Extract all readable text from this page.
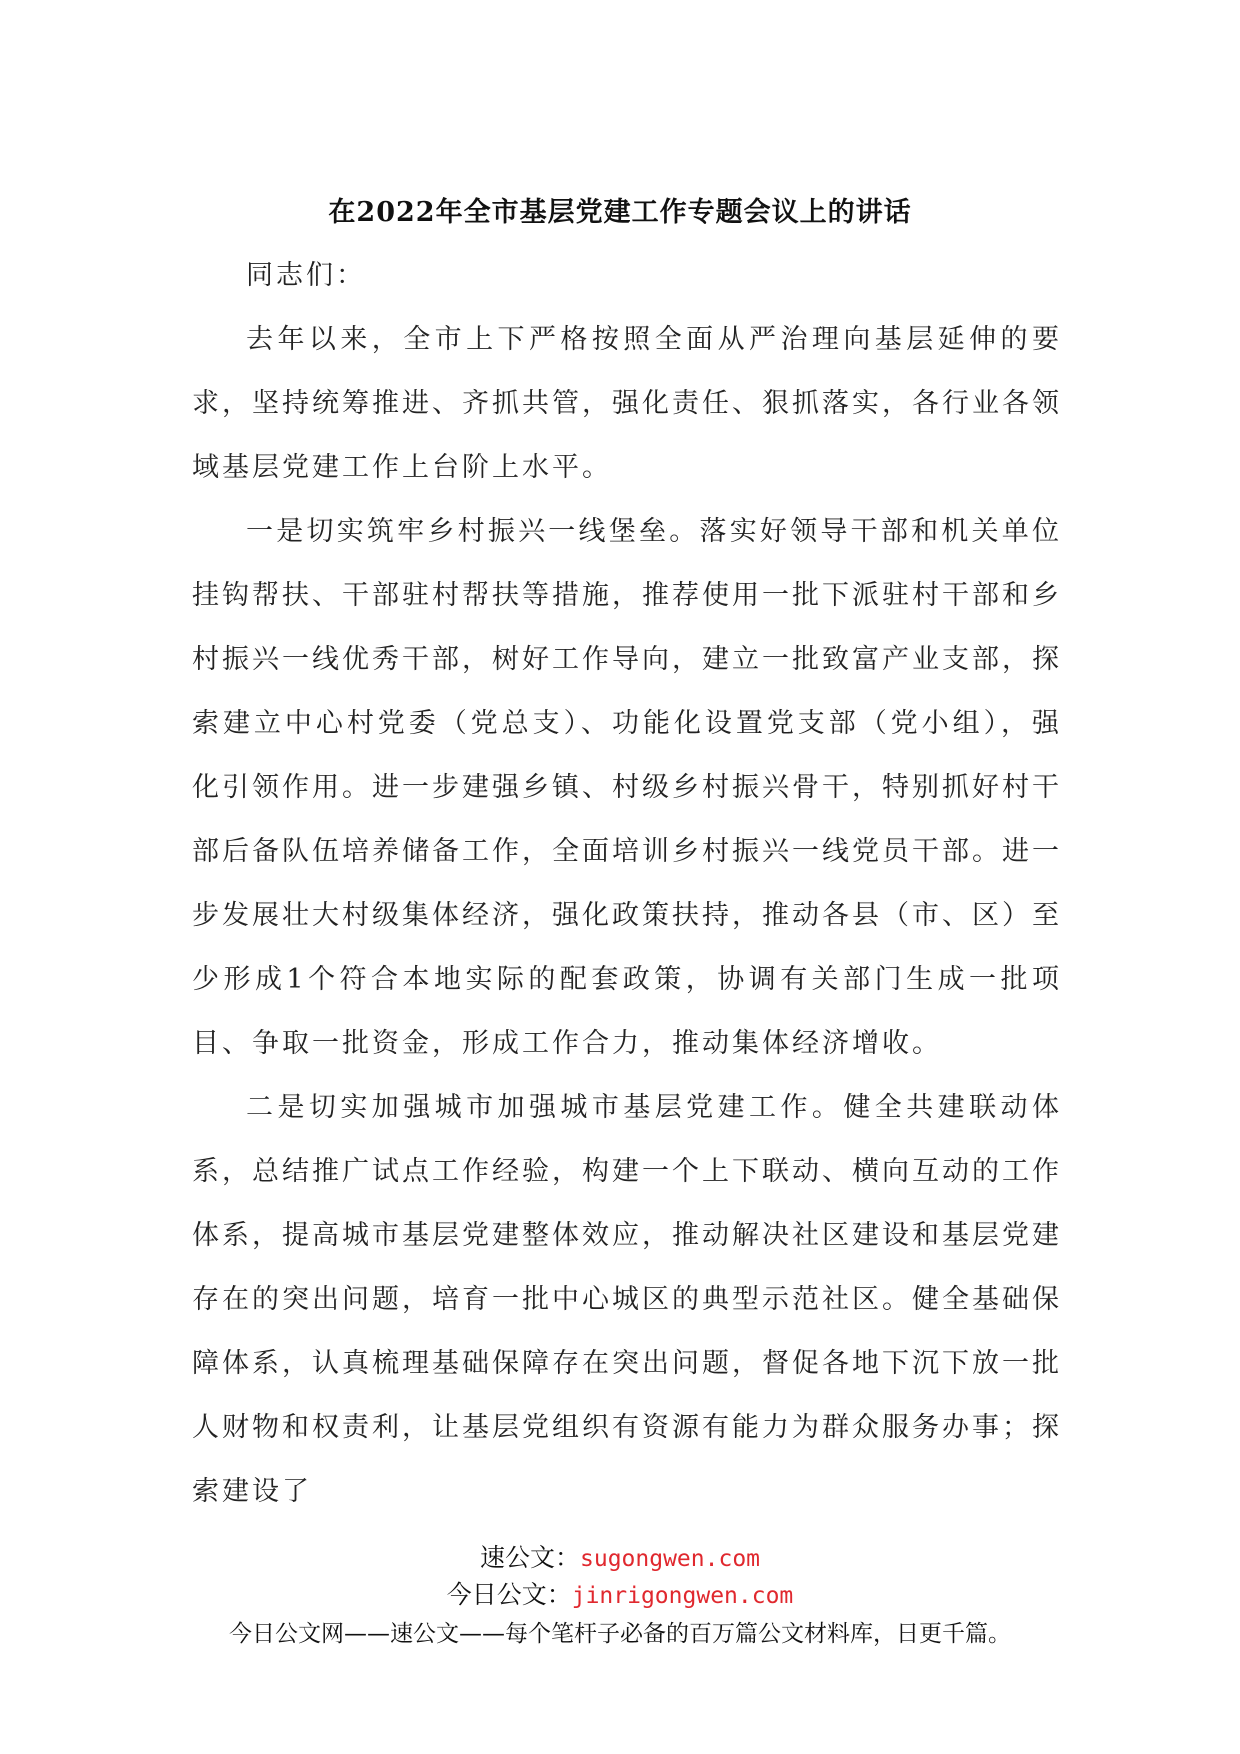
在2022年全市基层党建工作专题会议上的讲话

同志们：

去年以来，全市上下严格按照全面从严治理向基层延伸的要求，坚持统筹推进、齐抓共管，强化责任、狠抓落实，各行业各领域基层党建工作上台阶上水平。

一是切实筑牢乡村振兴一线堡垒。落实好领导干部和机关单位挂钩帮扶、干部驻村帮扶等措施，推荐使用一批下派驻村干部和乡村振兴一线优秀干部，树好工作导向，建立一批致富产业支部，探索建立中心村党委（党总支）、功能化设置党支部（党小组），强化引领作用。进一步建强乡镇、村级乡村振兴骨干，特别抓好村干部后备队伍培养储备工作，全面培训乡村振兴一线党员干部。进一步发展壮大村级集体经济，强化政策扶持，推动各县（市、区）至少形成1个符合本地实际的配套政策，协调有关部门生成一批项目、争取一批资金，形成工作合力，推动集体经济增收。

二是切实加强城市加强城市基层党建工作。健全共建联动体系，总结推广试点工作经验，构建一个上下联动、横向互动的工作体系，提高城市基层党建整体效应，推动解决社区建设和基层党建存在的突出问题，培育一批中心城区的典型示范社区。健全基础保障体系，认真梳理基础保障存在突出问题，督促各地下沉下放一批人财物和权责利，让基层党组织有资源有能力为群众服务办事；探索建设了

速公文：sugongwen.com
今日公文：jinrigongwen.com
今日公文网——速公文——每个笔杆子必备的百万篇公文材料库，日更千篇。
